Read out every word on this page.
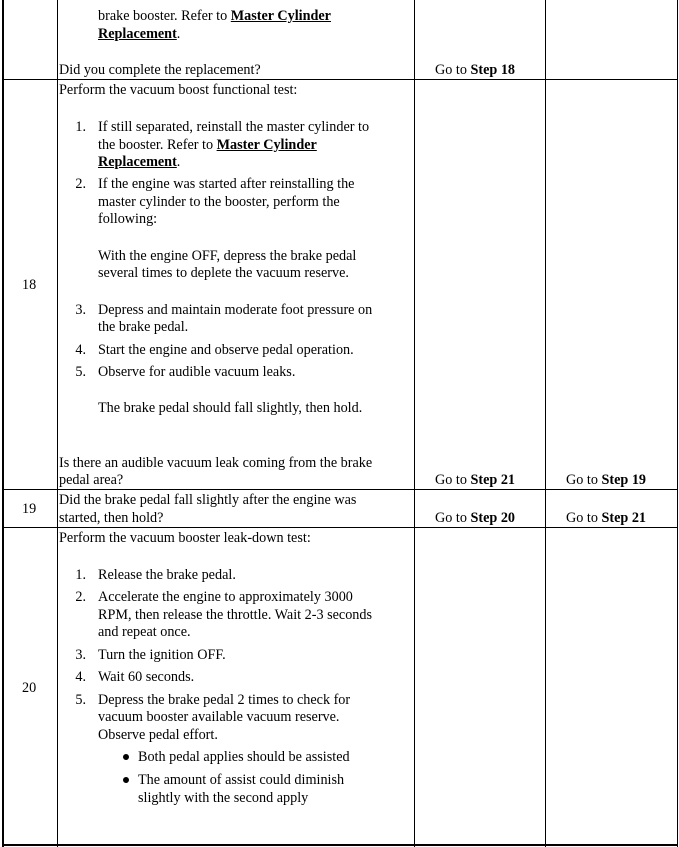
brake booster. Refer to Master Cylinder
Replacement.
Did you complete the replacement?	Go to Step 18
18
Perform the vacuum boost functional test:
1. If still separated, reinstall the master cylinder to
the booster. Refer to Master Cylinder
Replacement.
2. If the engine was started after reinstalling the
master cylinder to the booster, perform the
following:
With the engine OFF, depress the brake pedal
several times to deplete the vacuum reserve.
3. Depress and maintain moderate foot pressure on
the brake pedal.
4. Start the engine and observe pedal operation.
5. Observe for audible vacuum leaks.
The brake pedal should fall slightly, then hold.
Is there an audible vacuum leak coming from the brake
pedal area?	Go to Step 21	Go to Step 19
19
Did the brake pedal fall slightly after the engine was
started, then hold?	Go to Step 20	Go to Step 21
20
Perform the vacuum booster leak-down test:
1. Release the brake pedal.
2. Accelerate the engine to approximately 3000
RPM, then release the throttle. Wait 2-3 seconds
and repeat once.
3. Turn the ignition OFF.
4. Wait 60 seconds.
5. Depress the brake pedal 2 times to check for
vacuum booster available vacuum reserve.
Observe pedal effort.
Both pedal applies should be assisted
The amount of assist could diminish
slightly with the second apply
